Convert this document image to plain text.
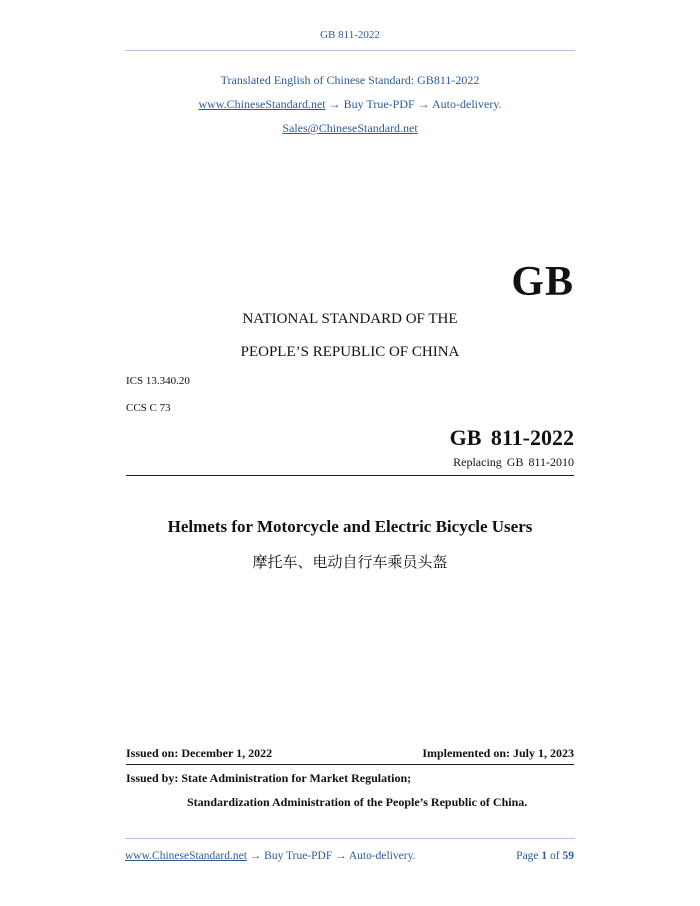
GB 811-2022
Translated English of Chinese Standard: GB811-2022
www.ChineseStandard.net → Buy True-PDF → Auto-delivery.
Sales@ChineseStandard.net
GB
NATIONAL STANDARD OF THE
PEOPLE’S REPUBLIC OF CHINA
ICS 13.340.20
CCS C 73
GB 811-2022
Replacing GB 811-2010
Helmets for Motorcycle and Electric Bicycle Users
摩托车、电动自行车乘员头盔
Issued on: December 1, 2022	Implemented on: July 1, 2023
Issued by: State Administration for Market Regulation;
Standardization Administration of the People’s Republic of China.
www.ChineseStandard.net → Buy True-PDF → Auto-delivery.	Page 1 of 59
